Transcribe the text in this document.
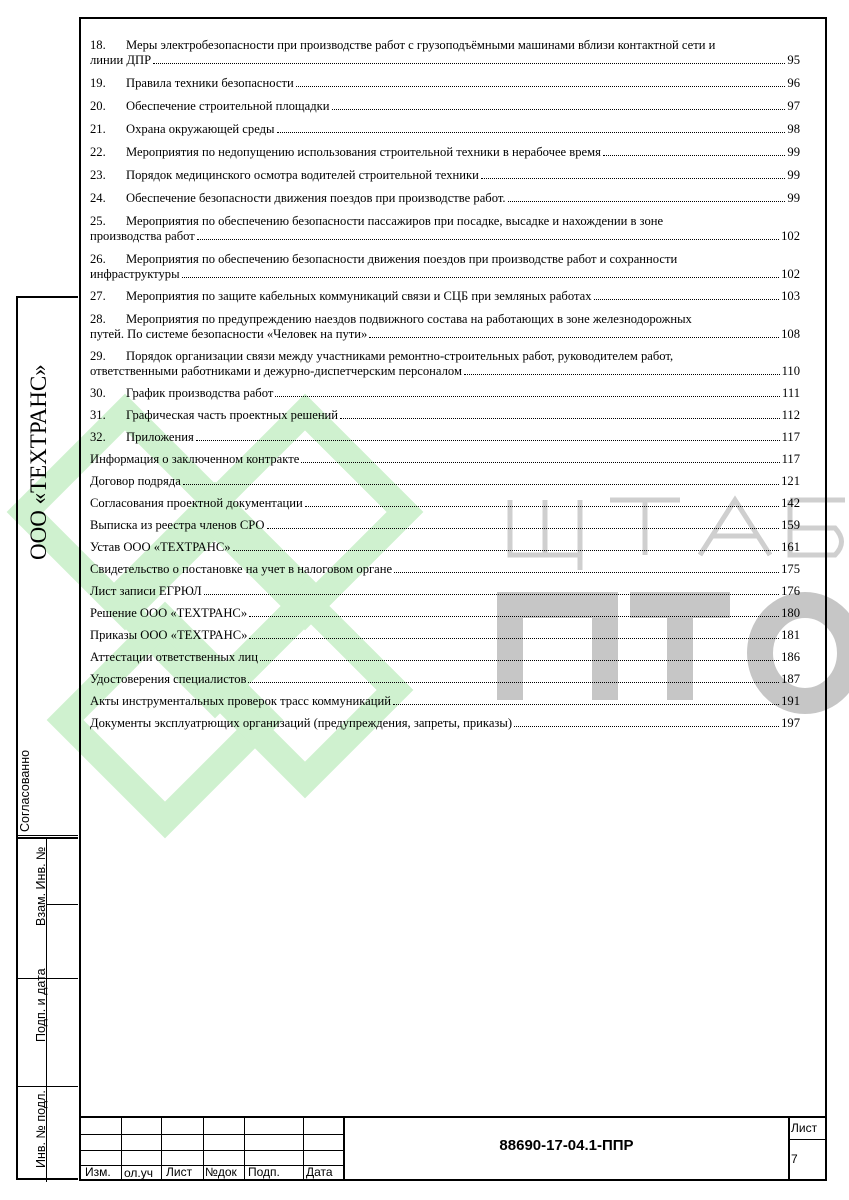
18. Меры электробезопасности при производстве работ с грузоподъёмными машинами вблизи контактной сети и
линии ДПР	95
19.	Правила техники безопасности	96
20.	Обеспечение строительной площадки	97
21.	Охрана окружающей среды	98
22.	Мероприятия по недопущению использования строительной техники в нерабочее время	99
23.	Порядок медицинского осмотра водителей строительной техники	99
24.	Обеспечение безопасности движения поездов при производстве работ.	99
25. Мероприятия по обеспечению безопасности пассажиров при посадке, высадке и нахождении в зоне
производства работ	102
26. Мероприятия по обеспечению безопасности движения поездов при производстве работ и сохранности
инфраструктуры	102
27.	Мероприятия по защите кабельных коммуникаций связи и СЦБ при земляных работах	103
28. Мероприятия по предупреждению наездов подвижного состава на работающих в зоне железнодорожных
путей. По системе безопасности «Человек на пути»	108
29. Порядок организации связи между участниками ремонтно-строительных работ, руководителем работ,
ответственными работниками и дежурно-диспетчерским персоналом	110
30.	График производства работ	111
31.	Графическая часть проектных решений	112
32.	Приложения	117
Информация о заключенном контракте	117
Договор подряда	121
Согласования проектной документации	142
Выписка из реестра членов СРО	159
Устав ООО «ТЕХТРАНС»	161
Свидетельство о постановке на учет в налоговом органе	175
Лист записи ЕГРЮЛ	176
Решение ООО «ТЕХТРАНС»	180
Приказы ООО «ТЕХТРАНС»	181
Аттестации ответственных лиц	186
Удостоверения специалистов	187
Акты инструментальных проверок трасс коммуникаций	191
Документы эксплуатрющих организаций (предупреждения, запреты, приказы)	197
ООО «ТЕХТРАНС»
Согласованно
Взам. Инв. №
Подп. и дата
Инв. № подл.
Изм. ол.уч Лист №док Подп. Дата
88690-17-04.1-ППР
Лист
7
